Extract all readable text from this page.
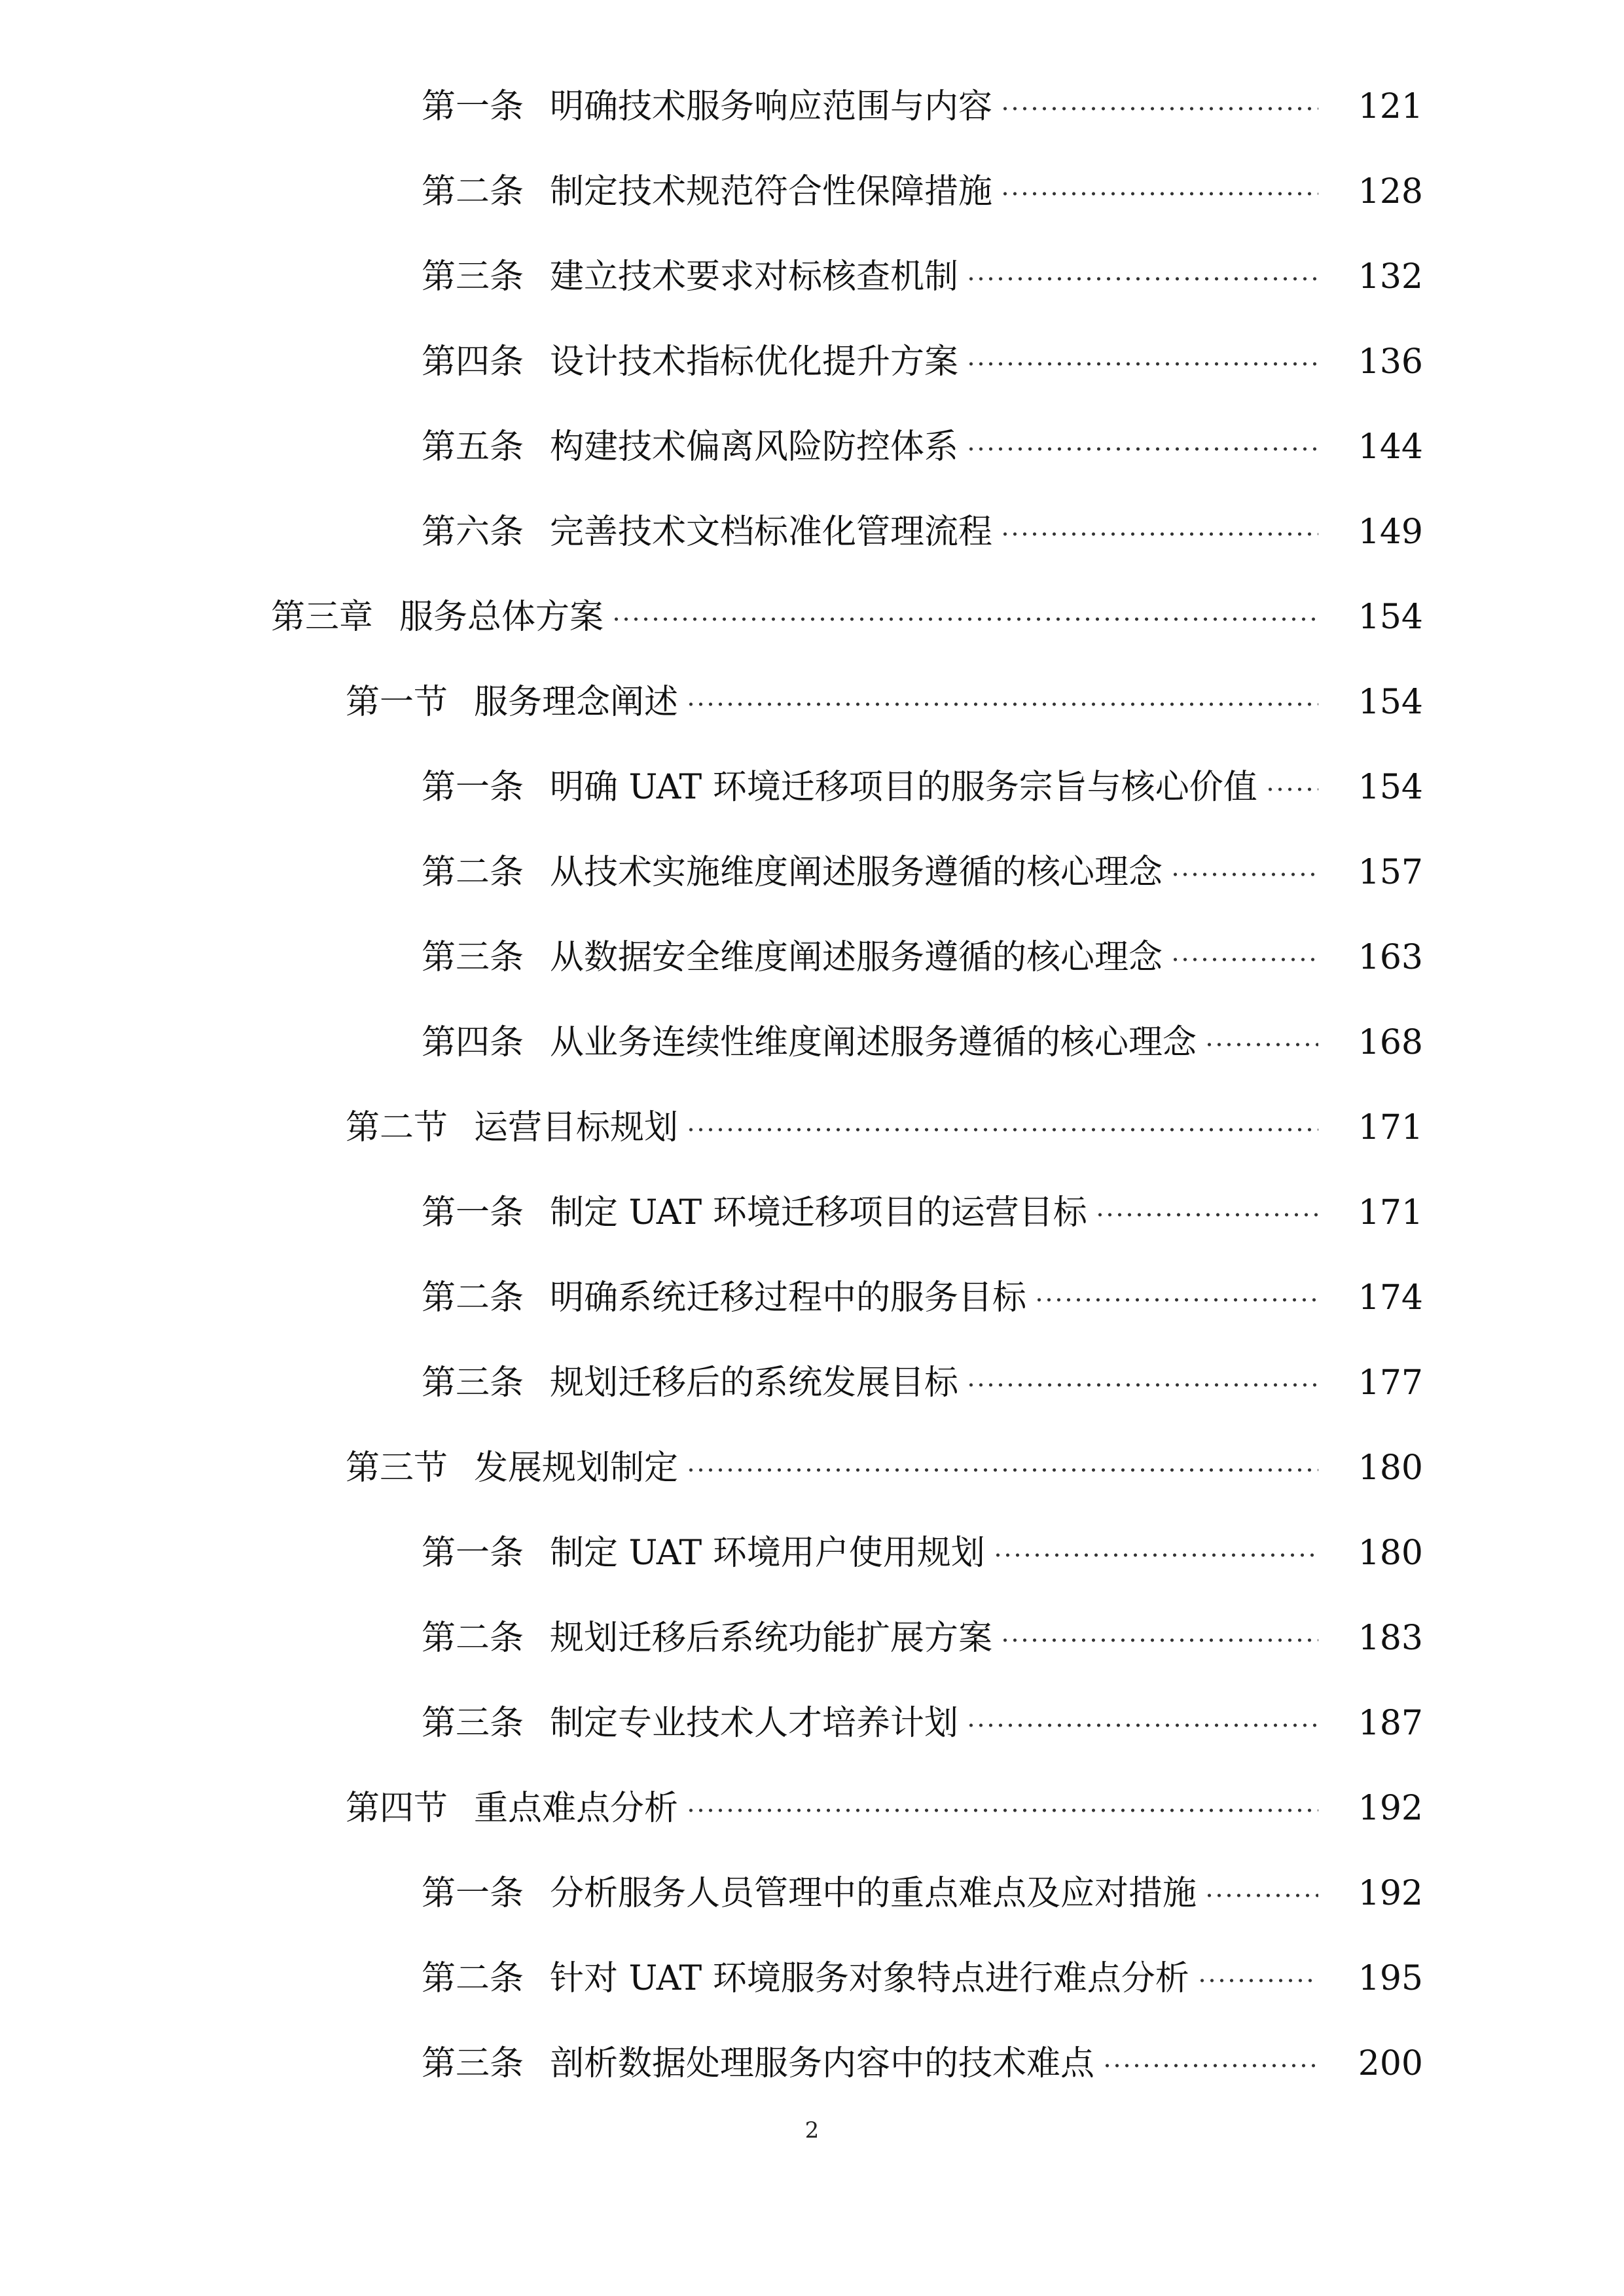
第一条 明确技术服务响应范围与内容	121
第二条 制定技术规范符合性保障措施	128
第三条 建立技术要求对标核查机制	132
第四条 设计技术指标优化提升方案	136
第五条 构建技术偏离风险防控体系	144
第六条 完善技术文档标准化管理流程	149
第三章 服务总体方案	154
第一节 服务理念阐述	154
第一条 明确 UAT 环境迁移项目的服务宗旨与核心价值	154
第二条 从技术实施维度阐述服务遵循的核心理念	157
第三条 从数据安全维度阐述服务遵循的核心理念	163
第四条 从业务连续性维度阐述服务遵循的核心理念	168
第二节 运营目标规划	171
第一条 制定 UAT 环境迁移项目的运营目标	171
第二条 明确系统迁移过程中的服务目标	174
第三条 规划迁移后的系统发展目标	177
第三节 发展规划制定	180
第一条 制定 UAT 环境用户使用规划	180
第二条 规划迁移后系统功能扩展方案	183
第三条 制定专业技术人才培养计划	187
第四节 重点难点分析	192
第一条 分析服务人员管理中的重点难点及应对措施	192
第二条 针对 UAT 环境服务对象特点进行难点分析	195
第三条 剖析数据处理服务内容中的技术难点	200
2
